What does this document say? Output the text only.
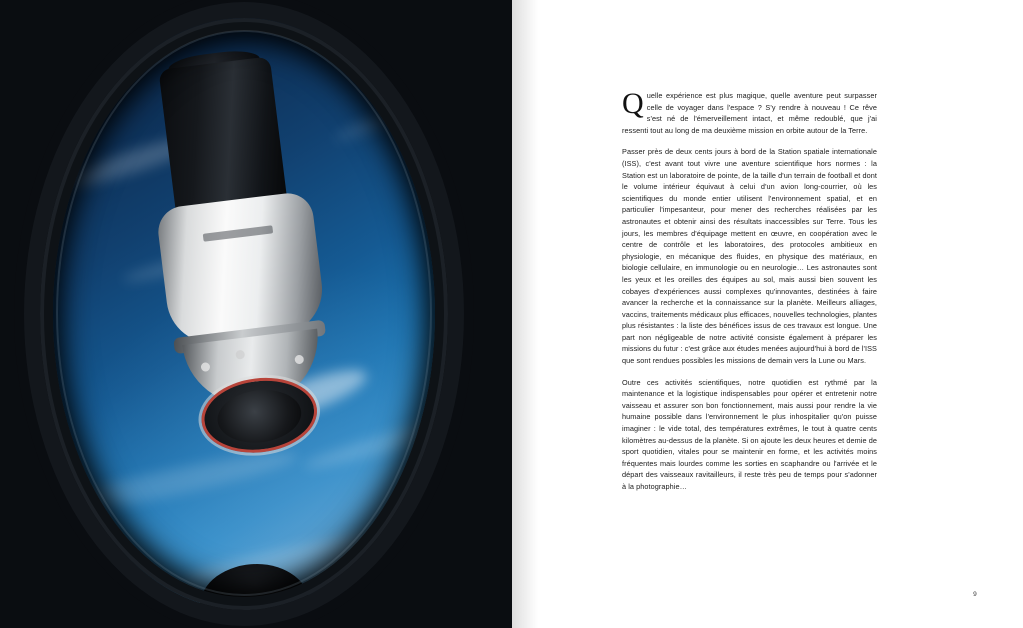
Quelle expérience est plus magique, quelle aventure peut surpasser celle de voyager dans l'espace ? S'y rendre à nouveau ! Ce rêve s'est né de l'émerveillement intact, et même redoublé, que j'ai ressenti tout au long de ma deuxième mission en orbite autour de la Terre.

Passer près de deux cents jours à bord de la Station spatiale internationale (ISS), c'est avant tout vivre une aventure scientifique hors normes : la Station est un laboratoire de pointe, de la taille d'un terrain de football et dont le volume intérieur équivaut à celui d'un avion long-courrier, où les scientifiques du monde entier utilisent l'environnement spatial, et en particulier l'impesanteur, pour mener des recherches réalisées par les astronautes et obtenir ainsi des résultats inaccessibles sur Terre. Tous les jours, les membres d'équipage mettent en œuvre, en coopération avec le centre de contrôle et les laboratoires, des protocoles ambitieux en physiologie, en mécanique des fluides, en physique des matériaux, en biologie cellulaire, en immunologie ou en neurologie… Les astronautes sont les yeux et les oreilles des équipes au sol, mais aussi bien souvent les cobayes d'expériences aussi complexes qu'innovantes, destinées à faire avancer la recherche et la connaissance sur la planète. Meilleurs alliages, vaccins, traitements médicaux plus efficaces, nouvelles technologies, plantes plus résistantes : la liste des bénéfices issus de ces travaux est longue. Une part non négligeable de notre activité consiste également à préparer les missions du futur : c'est grâce aux études menées aujourd'hui à bord de l'ISS que sont rendues possibles les missions de demain vers la Lune ou Mars.

Outre ces activités scientifiques, notre quotidien est rythmé par la maintenance et la logistique indispensables pour opérer et entretenir notre vaisseau et assurer son bon fonctionnement, mais aussi pour rendre la vie humaine possible dans l'environnement le plus inhospitalier qu'on puisse imaginer : le vide total, des températures extrêmes, le tout à quatre cents kilomètres au-dessus de la planète. Si on ajoute les deux heures et demie de sport quotidien, vitales pour se maintenir en forme, et les activités moins fréquentes mais lourdes comme les sorties en scaphandre ou l'arrivée et le départ des vaisseaux ravitailleurs, il reste très peu de temps pour s'adonner à la photographie…

9
